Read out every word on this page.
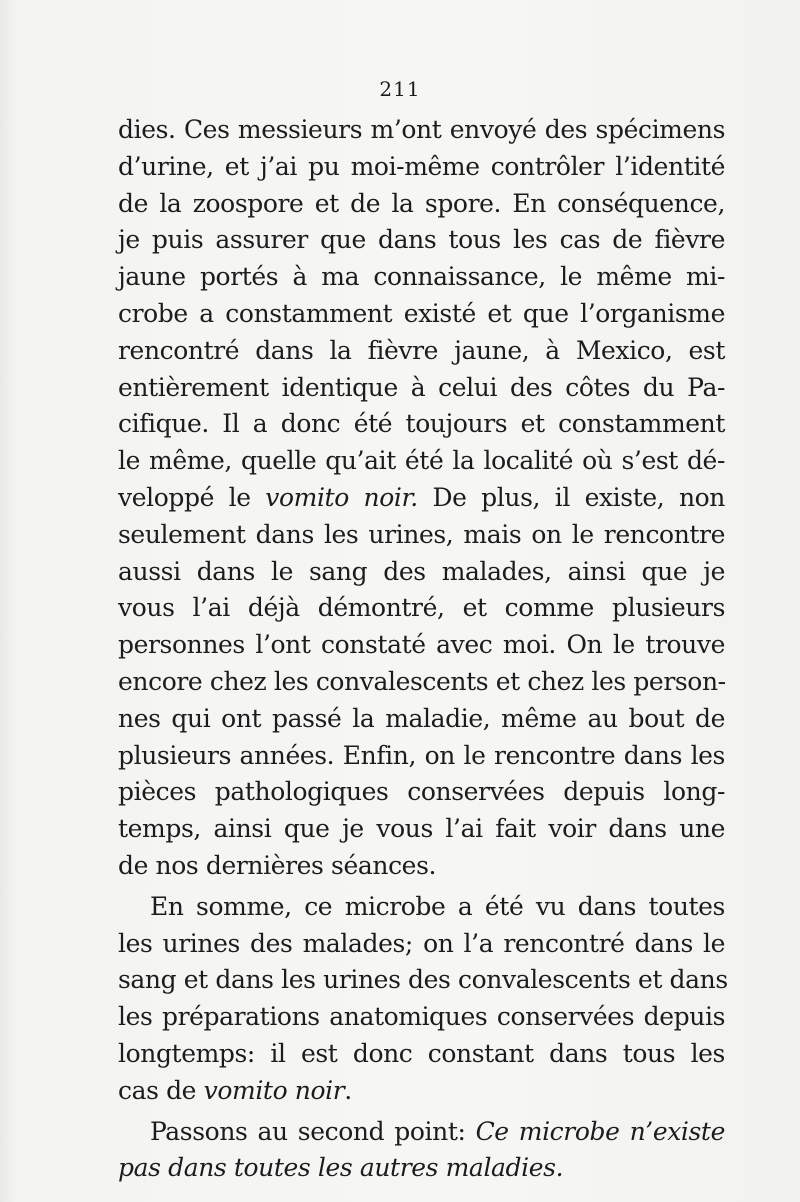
211
dies. Ces messieurs m’ont envoyé des spécimens
d’urine, et j’ai pu moi-même contrôler l’identité
de la zoospore et de la spore. En conséquence,
je puis assurer que dans tous les cas de fièvre
jaune portés à ma connaissance, le même mi-
crobe a constamment existé et que l’organisme
rencontré dans la fièvre jaune, à Mexico, est
entièrement identique à celui des côtes du Pa-
cifique. Il a donc été toujours et constamment
le même, quelle qu’ait été la localité où s’est dé-
veloppé le vomito noir. De plus, il existe, non
seulement dans les urines, mais on le rencontre
aussi dans le sang des malades, ainsi que je
vous l’ai déjà démontré, et comme plusieurs
personnes l’ont constaté avec moi. On le trouve
encore chez les convalescents et chez les person-
nes qui ont passé la maladie, même au bout de
plusieurs années. Enfin, on le rencontre dans les
pièces pathologiques conservées depuis long-
temps, ainsi que je vous l’ai fait voir dans une
de nos dernières séances.
En somme, ce microbe a été vu dans toutes
les urines des malades; on l’a rencontré dans le
sang et dans les urines des convalescents et dans
les préparations anatomiques conservées depuis
longtemps: il est donc constant dans tous les
cas de vomito noir.
Passons au second point: Ce microbe n’existe
pas dans toutes les autres maladies.
